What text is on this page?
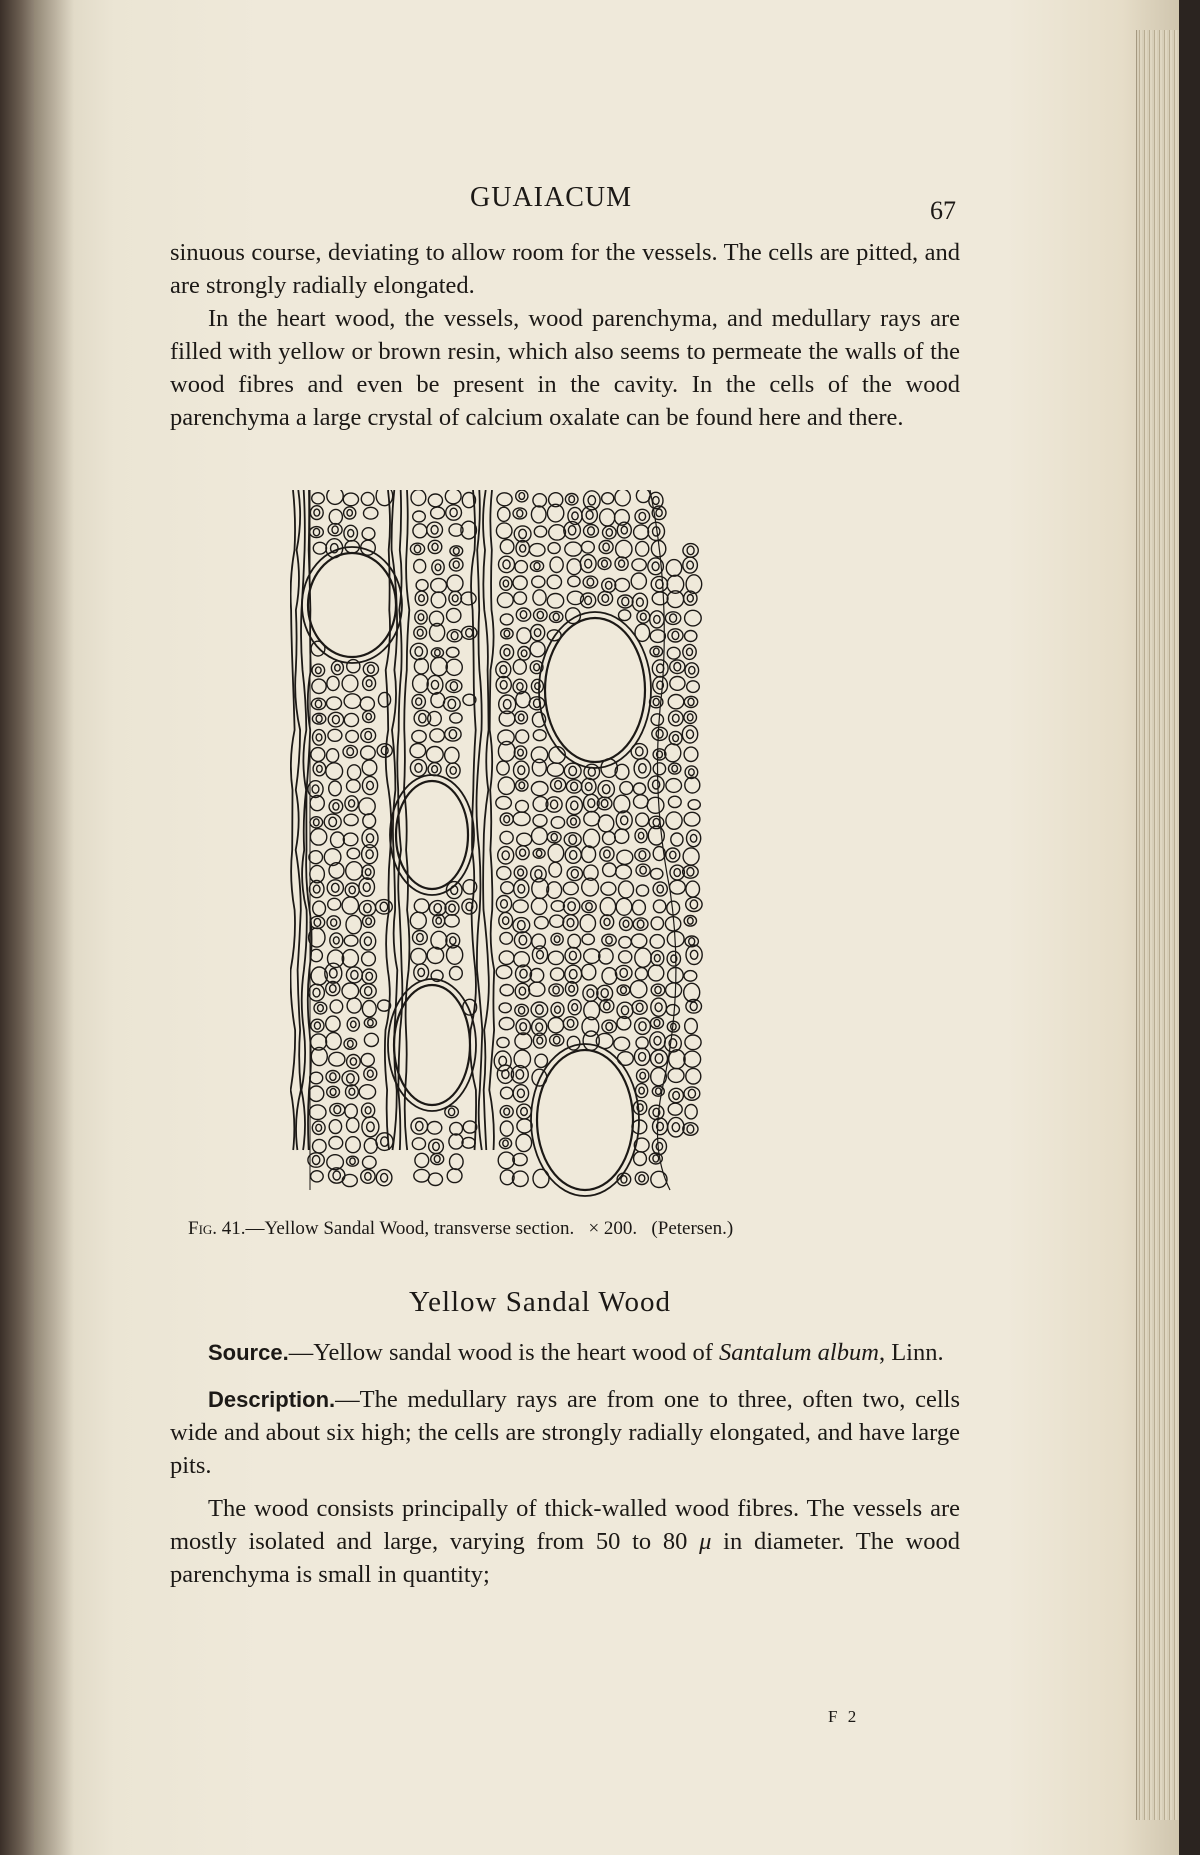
GUAIACUM	67

sinuous course, deviating to allow room for the vessels. The cells are pitted, and are strongly radially elongated.

In the heart wood, the vessels, wood parenchyma, and medullary rays are filled with yellow or brown resin, which also seems to permeate the walls of the wood fibres and even be present in the cavity. In the cells of the wood parenchyma a large crystal of calcium oxalate can be found here and there.

Fig. 41.—Yellow Sandal Wood, transverse section. × 200. (Petersen.)
Yellow Sandal Wood

Source.—Yellow sandal wood is the heart wood of Santalum album, Linn.

Description.—The medullary rays are from one to three, often two, cells wide and about six high; the cells are strongly radially elongated, and have large pits.

The wood consists principally of thick-walled wood fibres. The vessels are mostly isolated and large, varying from 50 to 80 μ in diameter. The wood parenchyma is small in quantity;

F 2
